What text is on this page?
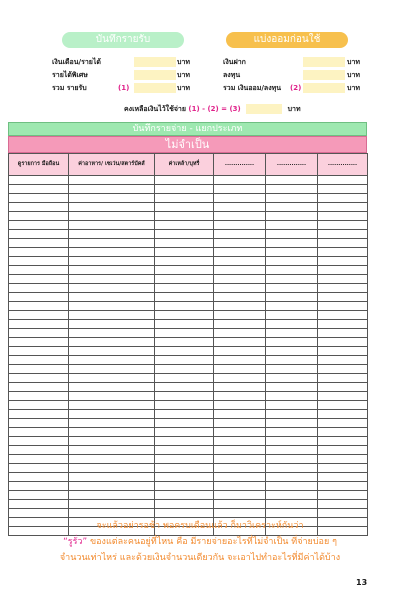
บันทึกรายรับ	แบ่งออมก่อนใช้
เงินเดือน/รายได้	บาท
รายได้พิเศษ	บาท
รวม รายรับ	(1)	บาท
เงินฝาก	บาท
ลงทุน	บาท
รวม เงินออม/ลงทุน (2)	บาท
คงเหลือเงินไว้ใช้จ่าย (1) - (2) = (3)	บาท
บันทึกรายจ่าย - แยกประเภท
ไม่จำเป็น
ดูรายการ มือถือน	ค่าอาหาร/ เซเว่น/สตาร์บัคส์	ค่าเหล้า/บุหรี่	..............	..............	..............

จะแล้วอย่ารอช้า พอครบเดือนแล้ว ก็มาวิเคราะห์กันว่า
“รูรั่ว” ของแต่ละคนอยู่ที่ไหน คือ มีรายจ่ายอะไรที่ไม่จำเป็น ที่จ่ายบ่อย ๆ
จำนวนเท่าไหร่ และด้วยเงินจำนวนเดียวกัน จะเอาไปทำอะไรที่มีค่าได้บ้าง
13
